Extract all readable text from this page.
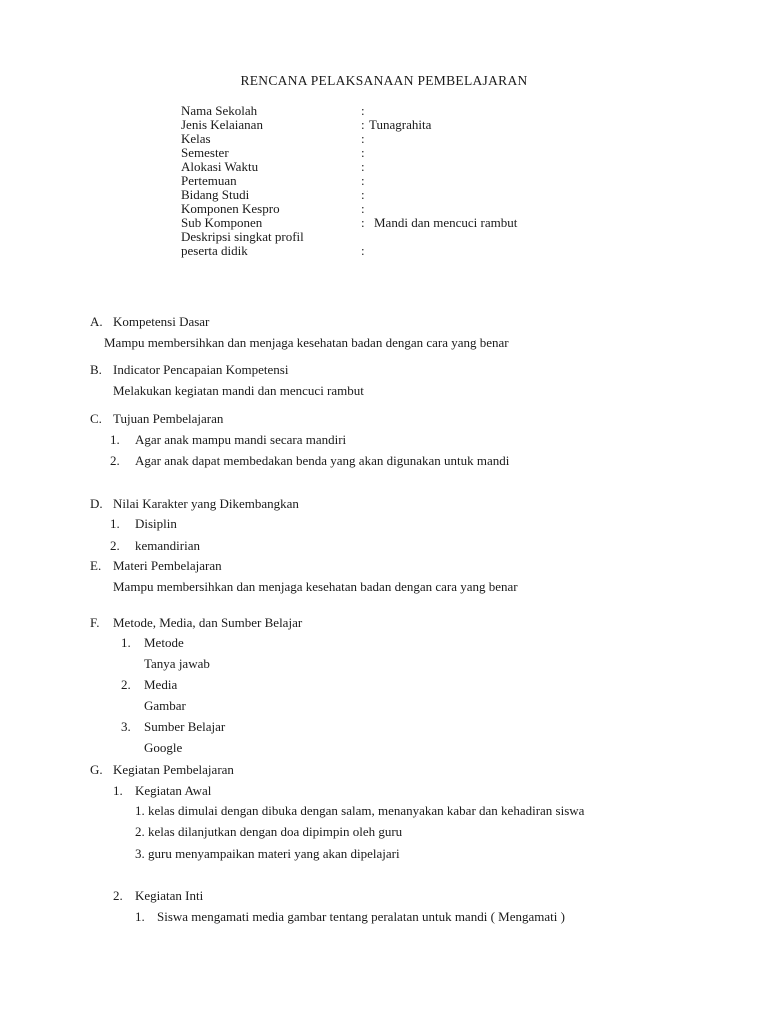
RENCANA PELAKSANAAN PEMBELAJARAN
Nama Sekolah	:
Jenis Kelaianan	: Tunagrahita
Kelas	:
Semester	:
Alokasi Waktu	:
Pertemuan	:
Bidang Studi	:
Komponen Kespro	:
Sub Komponen	: Mandi dan mencuci rambut
Deskripsi singkat profil
peserta didik	:
A. Kompetensi Dasar
Mampu membersihkan dan menjaga kesehatan badan dengan cara yang benar
B. Indicator Pencapaian Kompetensi
Melakukan kegiatan mandi dan mencuci rambut
C. Tujuan Pembelajaran
1. Agar anak mampu mandi secara mandiri
2. Agar anak dapat membedakan benda yang akan digunakan untuk mandi
D. Nilai Karakter yang Dikembangkan
1. Disiplin
2. kemandirian
E. Materi Pembelajaran
Mampu membersihkan dan menjaga kesehatan badan dengan cara yang benar
F. Metode, Media, dan Sumber Belajar
1. Metode
Tanya jawab
2. Media
Gambar
3. Sumber Belajar
Google
G. Kegiatan Pembelajaran
1. Kegiatan Awal
1. kelas dimulai dengan dibuka dengan salam, menanyakan kabar dan kehadiran siswa
2. kelas dilanjutkan dengan doa dipimpin oleh guru
3. guru menyampaikan materi yang akan dipelajari
2. Kegiatan Inti
1. Siswa mengamati media gambar tentang peralatan untuk mandi ( Mengamati )
